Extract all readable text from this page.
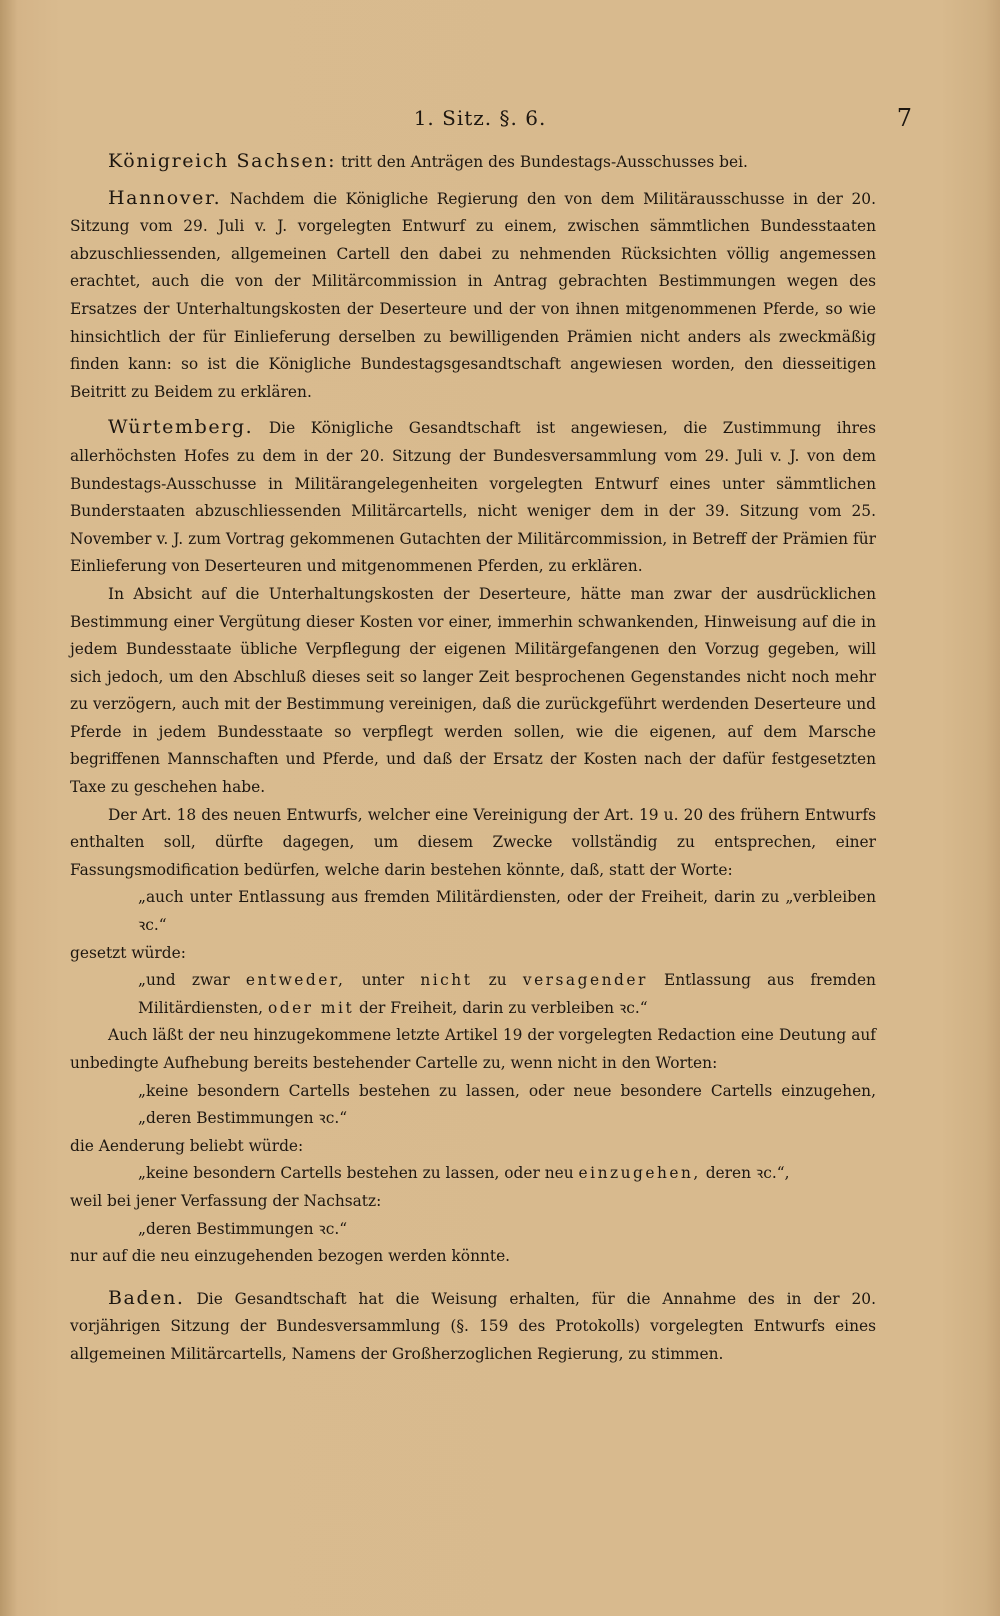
1. Sitz. §. 6.	7

Königreich Sachsen: tritt den Anträgen des Bundestags-Ausschusses bei.

Hannover. Nachdem die Königliche Regierung den von dem Militärausschusse in der 20. Sitzung vom 29. Juli v. J. vorgelegten Entwurf zu einem, zwischen sämmtlichen Bundesstaaten abzuschliessenden, allgemeinen Cartell den dabei zu nehmenden Rücksichten völlig angemessen erachtet, auch die von der Militärcommission in Antrag gebrachten Bestimmungen wegen des Ersatzes der Unterhaltungskosten der Deserteure und der von ihnen mitgenommenen Pferde, so wie hinsichtlich der für Einlieferung derselben zu bewilligenden Prämien nicht anders als zweckmäßig finden kann: so ist die Königliche Bundestagsgesandtschaft angewiesen worden, den diesseitigen Beitritt zu Beidem zu erklären.

Würtemberg. Die Königliche Gesandtschaft ist angewiesen, die Zustimmung ihres allerhöchsten Hofes zu dem in der 20. Sitzung der Bundesversammlung vom 29. Juli v. J. von dem Bundestags-Ausschusse in Militärangelegenheiten vorgelegten Entwurf eines unter sämmtlichen Bunderstaaten abzuschliessenden Militärcartells, nicht weniger dem in der 39. Sitzung vom 25. November v. J. zum Vortrag gekommenen Gutachten der Militärcommission, in Betreff der Prämien für Einlieferung von Deserteuren und mitgenommenen Pferden, zu erklären.

In Absicht auf die Unterhaltungskosten der Deserteure, hätte man zwar der ausdrücklichen Bestimmung einer Vergütung dieser Kosten vor einer, immerhin schwankenden, Hinweisung auf die in jedem Bundesstaate übliche Verpflegung der eigenen Militärgefangenen den Vorzug gegeben, will sich jedoch, um den Abschluß dieses seit so langer Zeit besprochenen Gegenstandes nicht noch mehr zu verzögern, auch mit der Bestimmung vereinigen, daß die zurückgeführt werdenden Deserteure und Pferde in jedem Bundesstaate so verpflegt werden sollen, wie die eigenen, auf dem Marsche begriffenen Mannschaften und Pferde, und daß der Ersatz der Kosten nach der dafür festgesetzten Taxe zu geschehen habe.

Der Art. 18 des neuen Entwurfs, welcher eine Vereinigung der Art. 19 u. 20 des frühern Entwurfs enthalten soll, dürfte dagegen, um diesem Zwecke vollständig zu entsprechen, einer Fassungsmodification bedürfen, welche darin bestehen könnte, daß, statt der Worte:

„auch unter Entlassung aus fremden Militärdiensten, oder der Freiheit, darin zu „verbleiben ꝛc.“

gesetzt würde:

„und zwar entweder, unter nicht zu versagender Entlassung aus fremden Militärdiensten, oder mit der Freiheit, darin zu verbleiben ꝛc.“

Auch läßt der neu hinzugekommene letzte Artikel 19 der vorgelegten Redaction eine Deutung auf unbedingte Aufhebung bereits bestehender Cartelle zu, wenn nicht in den Worten:

„keine besondern Cartells bestehen zu lassen, oder neue besondere Cartells einzugehen, „deren Bestimmungen ꝛc.“

die Aenderung beliebt würde:

„keine besondern Cartells bestehen zu lassen, oder neu einzugehen, deren ꝛc.“,

weil bei jener Verfassung der Nachsatz:

„deren Bestimmungen ꝛc.“

nur auf die neu einzugehenden bezogen werden könnte.

Baden. Die Gesandtschaft hat die Weisung erhalten, für die Annahme des in der 20. vorjährigen Sitzung der Bundesversammlung (§. 159 des Protokolls) vorgelegten Entwurfs eines allgemeinen Militärcartells, Namens der Großherzoglichen Regierung, zu stimmen.
